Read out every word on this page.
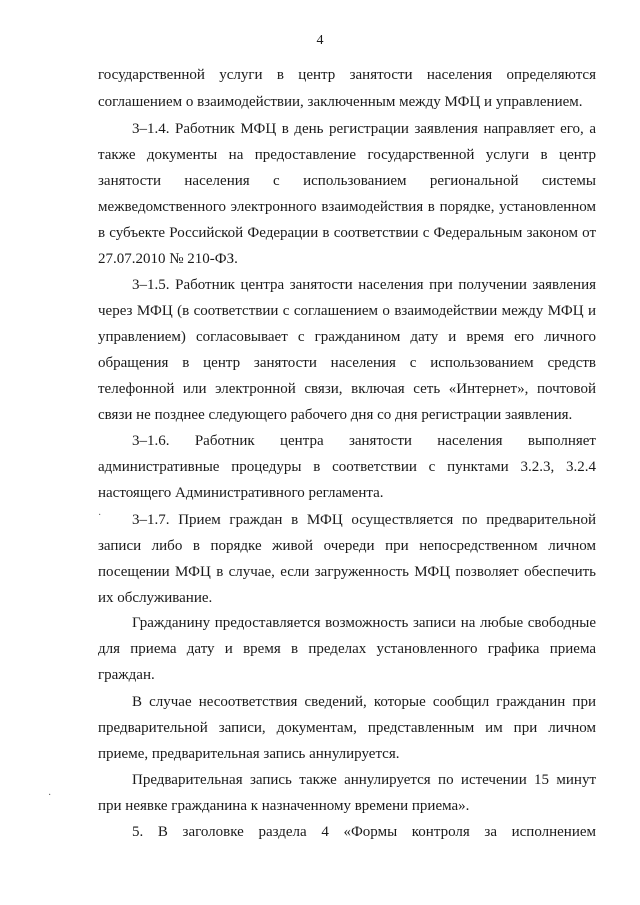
4
государственной услуги в центр занятости населения определяются
соглашением о взаимодействии, заключенным между МФЦ и управлением.
3–1.4. Работник МФЦ в день регистрации заявления направляет его, а
также документы на предоставление государственной услуги в центр
занятости населения с использованием региональной системы
межведомственного электронного взаимодействия в порядке, установленном
в субъекте Российской Федерации в соответствии с Федеральным законом от
27.07.2010 № 210-ФЗ.
3–1.5. Работник центра занятости населения при получении заявления
через МФЦ (в соответствии с соглашением о взаимодействии между МФЦ и
управлением) согласовывает с гражданином дату и время его личного
обращения в центр занятости населения с использованием средств
телефонной или электронной связи, включая сеть «Интернет», почтовой
связи не позднее следующего рабочего дня со дня регистрации заявления.
3–1.6. Работник центра занятости населения выполняет
административные процедуры в соответствии с пунктами 3.2.3, 3.2.4
настоящего Административного регламента.
3–1.7. Прием граждан в МФЦ осуществляется по предварительной
записи либо в порядке живой очереди при непосредственном личном
посещении МФЦ в случае, если загруженность МФЦ позволяет обеспечить
их обслуживание.
Гражданину предоставляется возможность записи на любые свободные
для приема дату и время в пределах установленного графика приема
граждан.
В случае несоответствия сведений, которые сообщил гражданин при
предварительной записи, документам, представленным им при личном
приеме, предварительная запись аннулируется.
Предварительная запись также аннулируется по истечении 15 минут
при неявке гражданина к назначенному времени приема».
5. В заголовке раздела 4 «Формы контроля за исполнением
·
·
